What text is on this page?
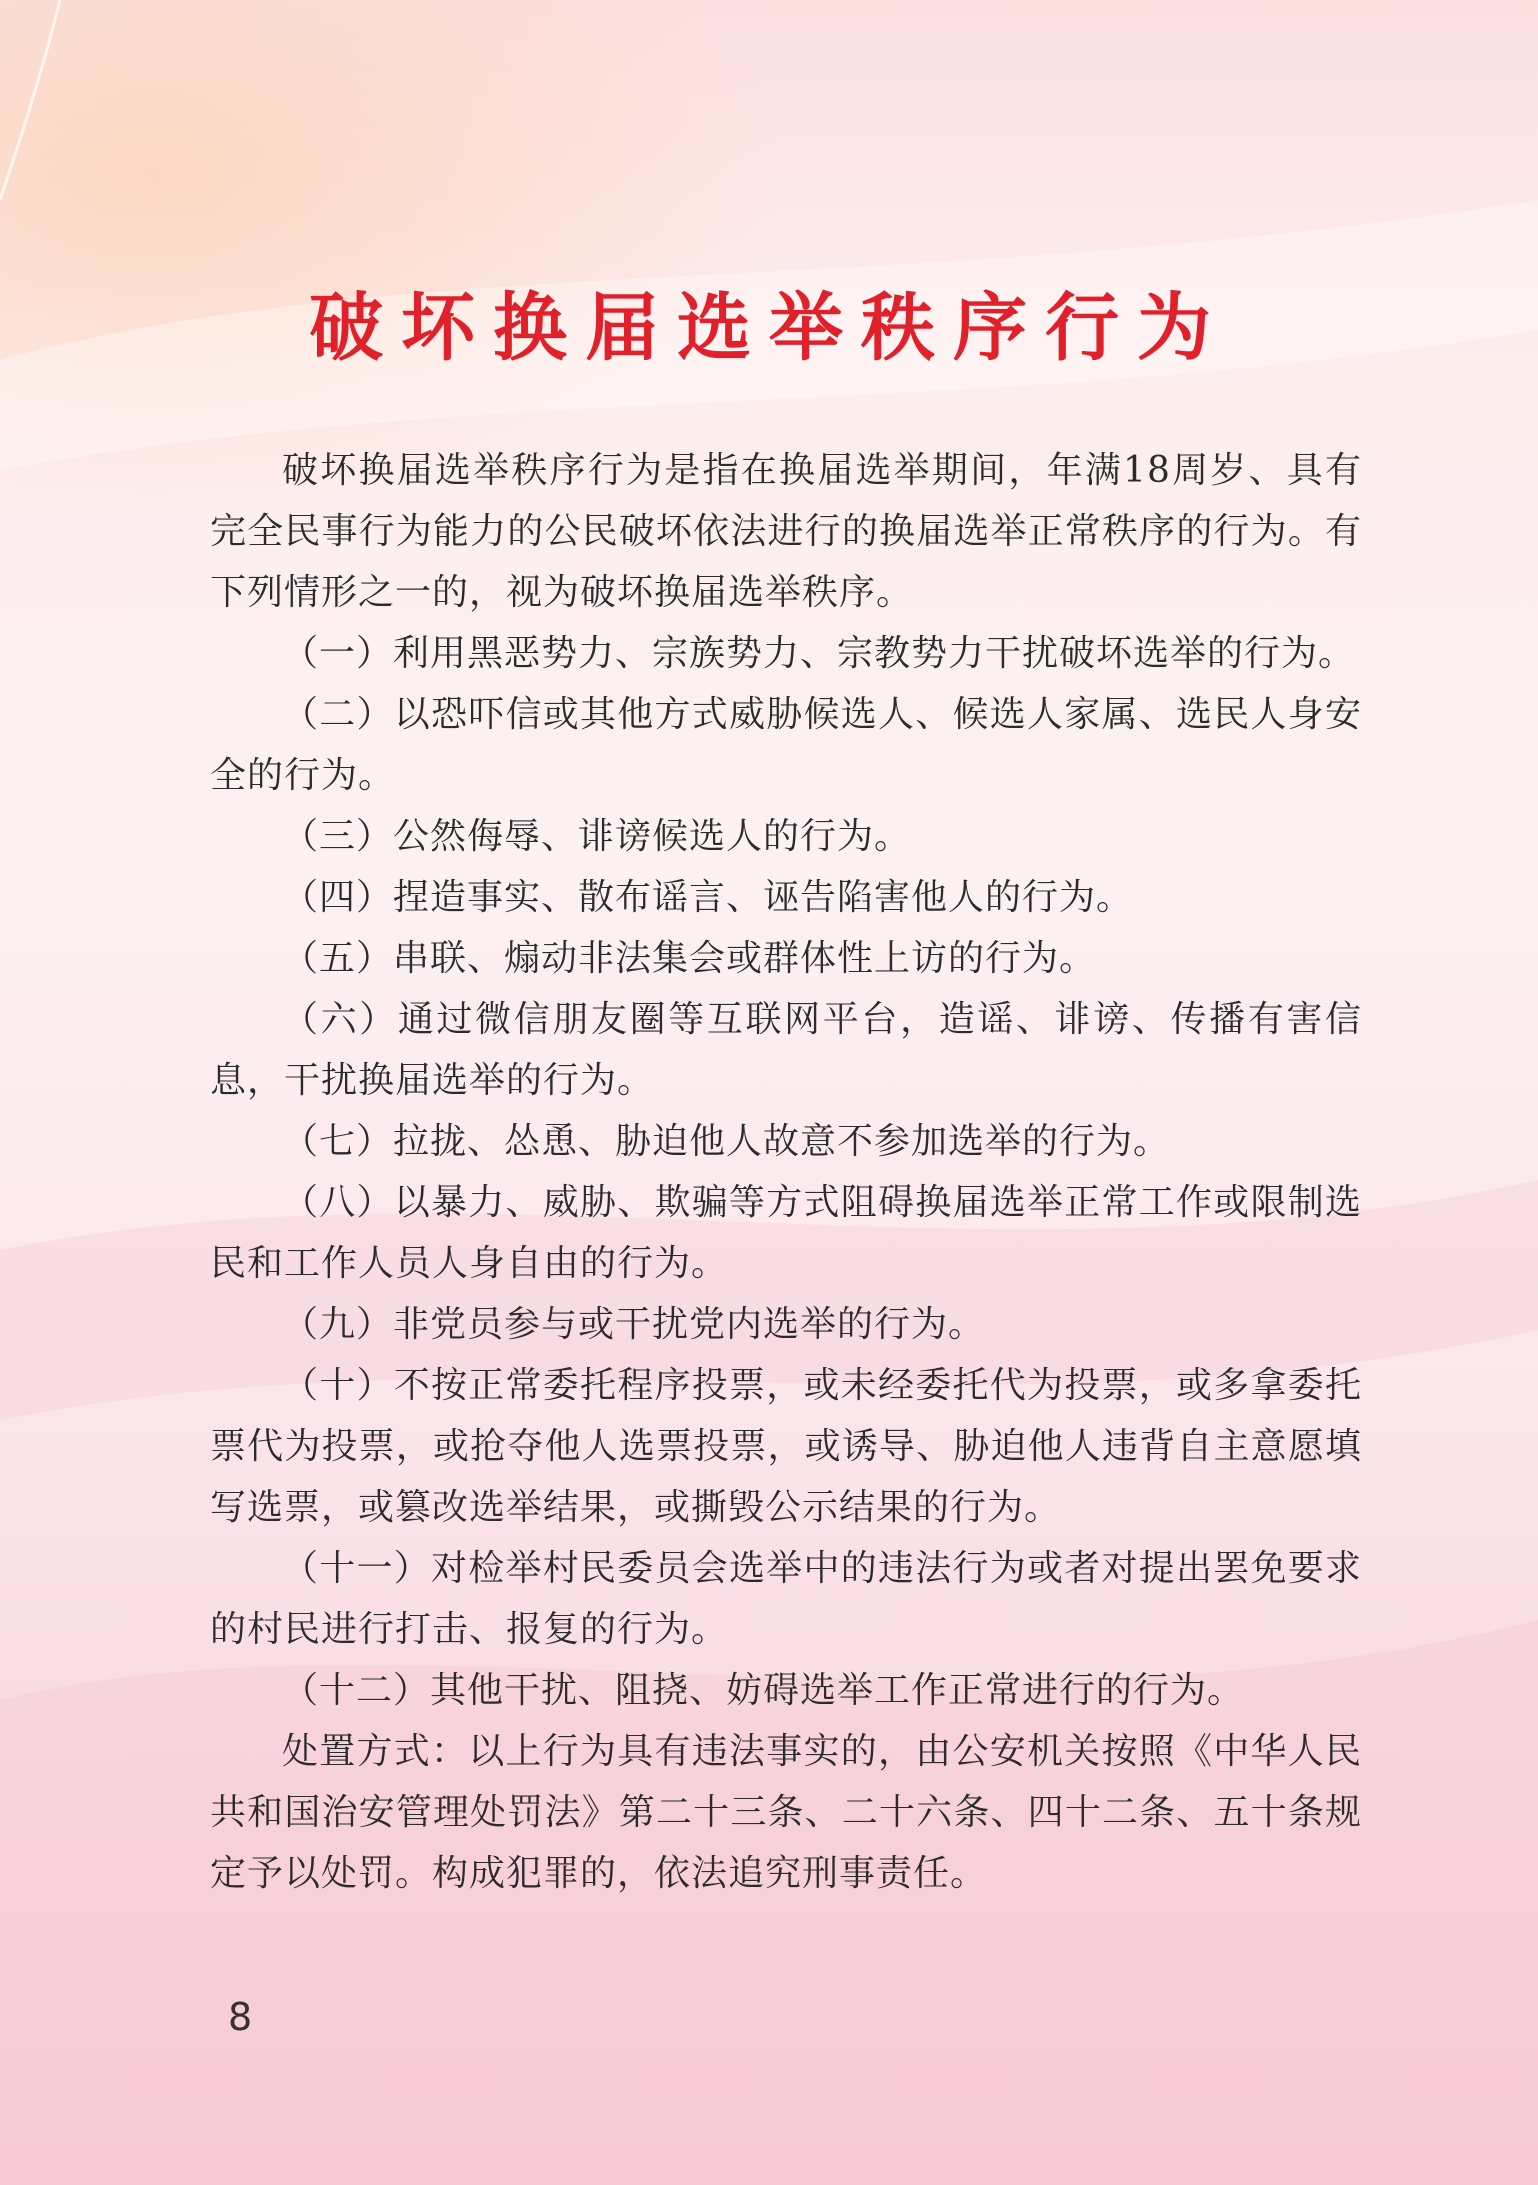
破坏换届选举秩序行为

破坏换届选举秩序行为是指在换届选举期间，年满18周岁、具有完全民事行为能力的公民破坏依法进行的换届选举正常秩序的行为。有下列情形之一的，视为破坏换届选举秩序。

（一）利用黑恶势力、宗族势力、宗教势力干扰破坏选举的行为。

（二）以恐吓信或其他方式威胁候选人、候选人家属、选民人身安全的行为。

（三）公然侮辱、诽谤候选人的行为。

（四）捏造事实、散布谣言、诬告陷害他人的行为。

（五）串联、煽动非法集会或群体性上访的行为。

（六）通过微信朋友圈等互联网平台，造谣、诽谤、传播有害信息，干扰换届选举的行为。

（七）拉拢、怂恿、胁迫他人故意不参加选举的行为。

（八）以暴力、威胁、欺骗等方式阻碍换届选举正常工作或限制选民和工作人员人身自由的行为。

（九）非党员参与或干扰党内选举的行为。

（十）不按正常委托程序投票，或未经委托代为投票，或多拿委托票代为投票，或抢夺他人选票投票，或诱导、胁迫他人违背自主意愿填写选票，或篡改选举结果，或撕毁公示结果的行为。

（十一）对检举村民委员会选举中的违法行为或者对提出罢免要求的村民进行打击、报复的行为。

（十二）其他干扰、阻挠、妨碍选举工作正常进行的行为。

处置方式：以上行为具有违法事实的，由公安机关按照《中华人民共和国治安管理处罚法》第二十三条、二十六条、四十二条、五十条规定予以处罚。构成犯罪的，依法追究刑事责任。

8
